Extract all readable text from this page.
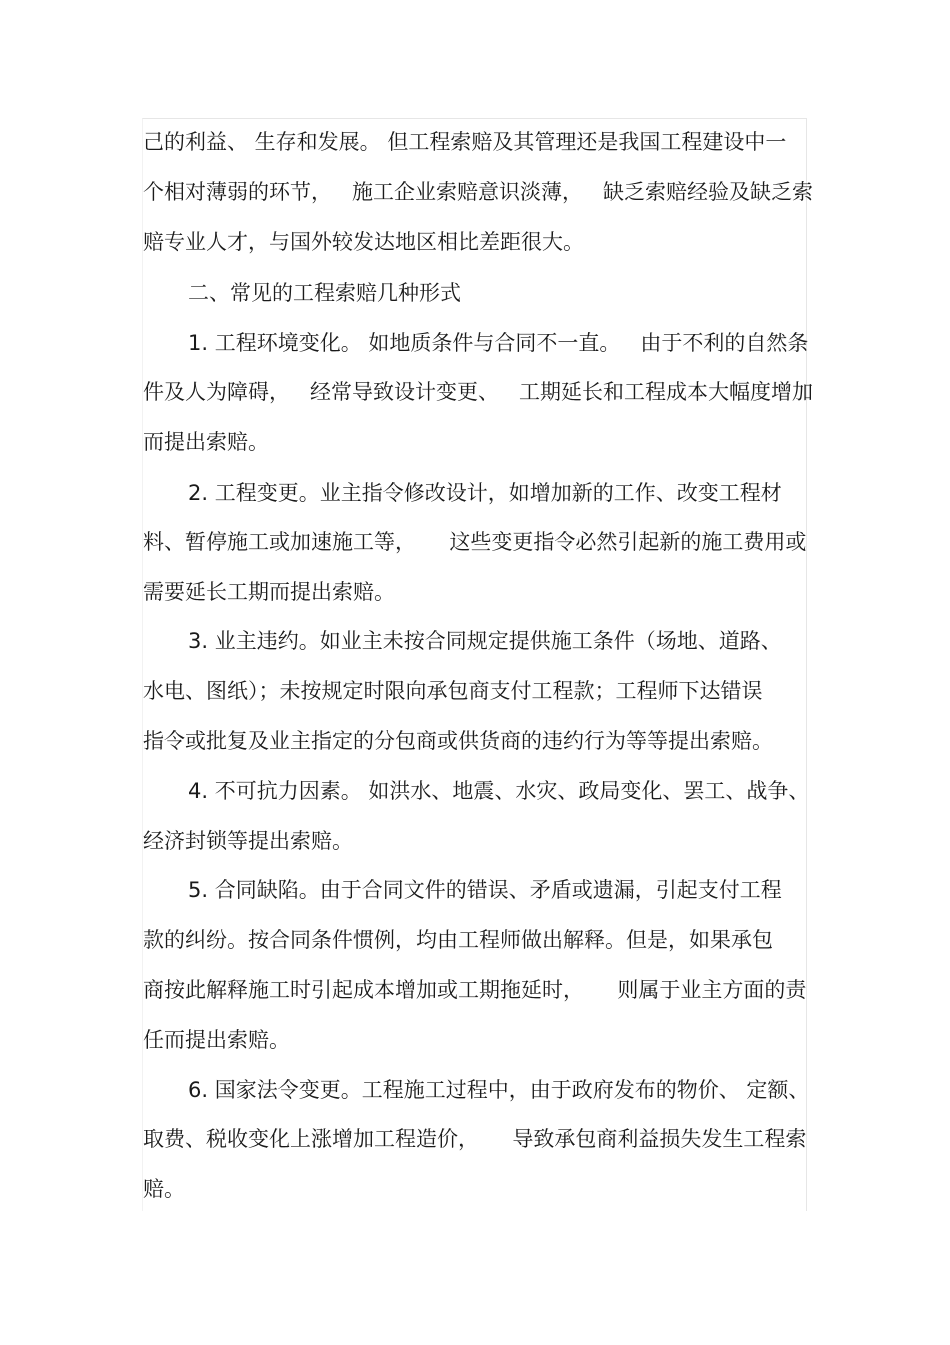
己的利益、 生存和发展。 但工程索赔及其管理还是我国工程建设中一
个相对薄弱的环节，   施工企业索赔意识淡薄，   缺乏索赔经验及缺乏索
赔专业人才，与国外较发达地区相比差距很大。
二、常见的工程索赔几种形式
1. 工程环境变化。 如地质条件与合同不一直。   由于不利的自然条
件及人为障碍，   经常导致设计变更、   工期延长和工程成本大幅度增加
而提出索赔。
2. 工程变更。业主指令修改设计，如增加新的工作、改变工程材
料、暂停施工或加速施工等，     这些变更指令必然引起新的施工费用或
需要延长工期而提出索赔。
3. 业主违约。如业主未按合同规定提供施工条件（场地、道路、
水电、图纸）；未按规定时限向承包商支付工程款；工程师下达错误
指令或批复及业主指定的分包商或供货商的违约行为等等提出索赔。
4. 不可抗力因素。 如洪水、地震、水灾、政局变化、罢工、战争、
经济封锁等提出索赔。
5. 合同缺陷。由于合同文件的错误、矛盾或遗漏，引起支付工程
款的纠纷。按合同条件惯例，均由工程师做出解释。但是，如果承包
商按此解释施工时引起成本增加或工期拖延时，     则属于业主方面的责
任而提出索赔。
6. 国家法令变更。工程施工过程中，由于政府发布的物价、 定额、
取费、税收变化上涨增加工程造价，     导致承包商利益损失发生工程索
赔。
